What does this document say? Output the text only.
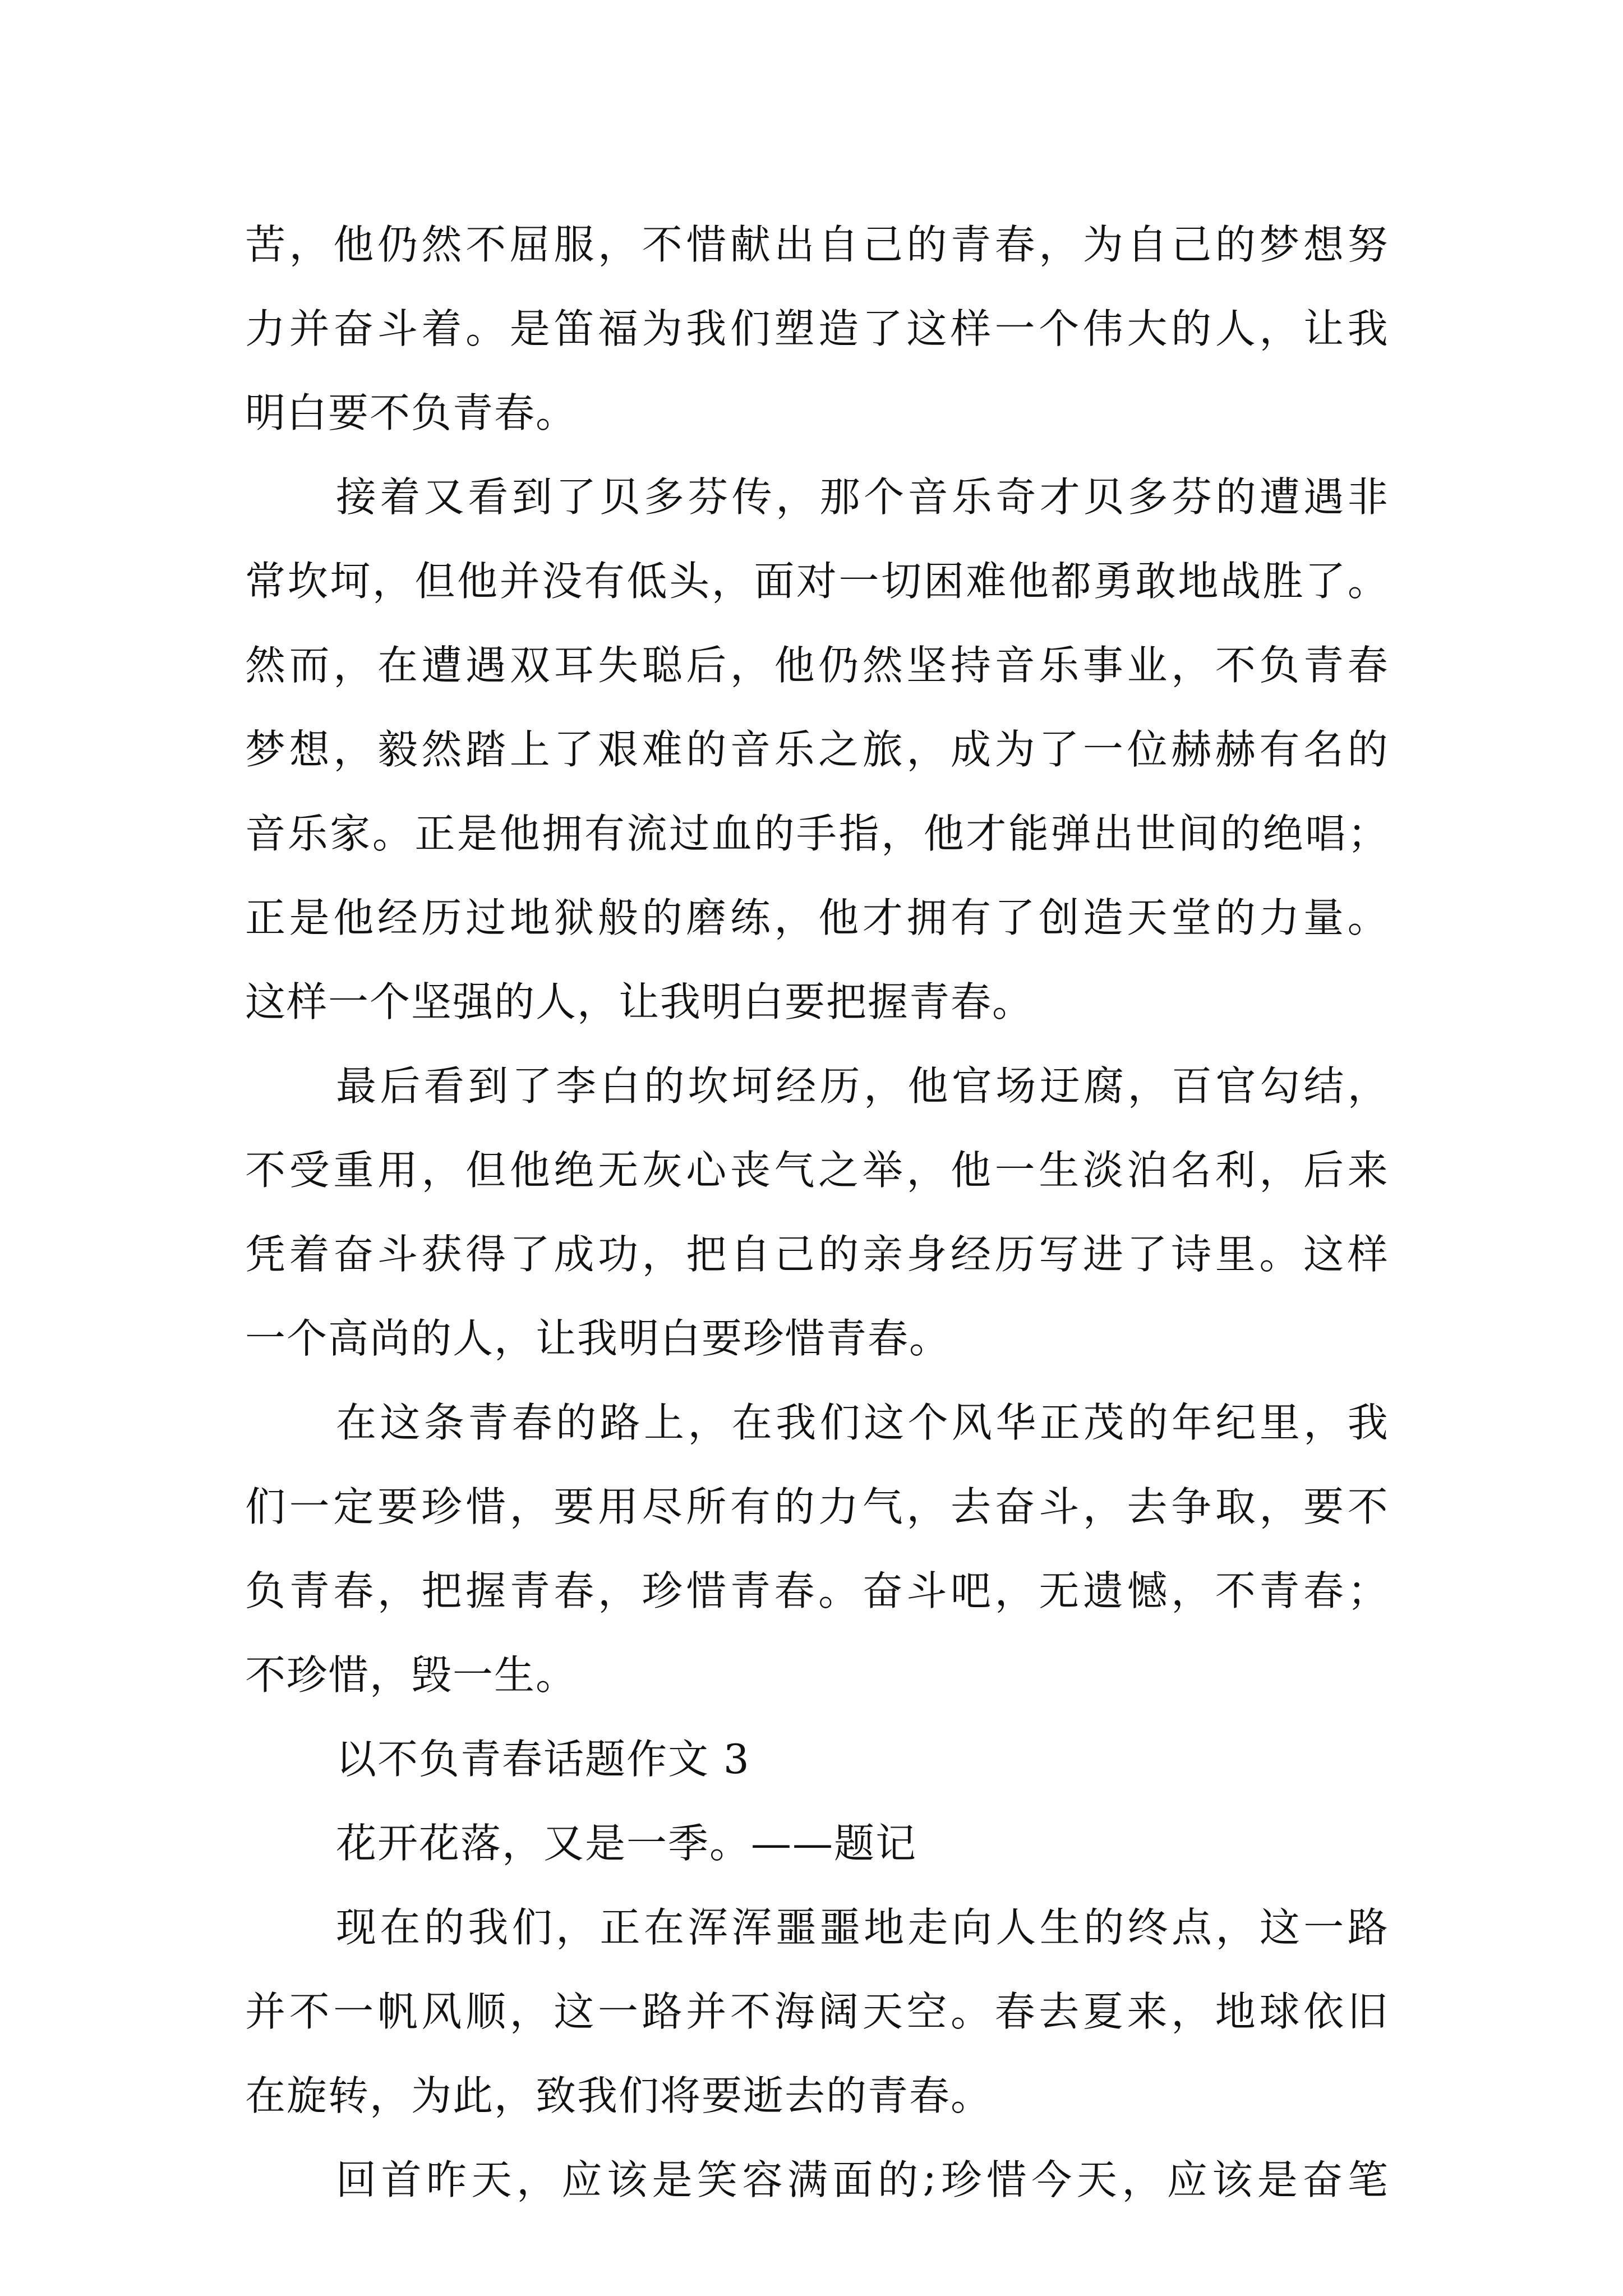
苦 ， 他 仍 然 不 屈 服 ， 不 惜 献 出 自 己 的 青 春 ， 为 自 己 的 梦 想 努
力 并 奋 斗 着 。 是 笛 福 为 我 们 塑 造 了 这 样 一 个 伟 大 的 人 ， 让 我
明白要不负青春。
接 着 又 看 到 了 贝 多 芬 传 ， 那 个 音 乐 奇 才 贝 多 芬 的 遭 遇 非
常 坎 坷 ， 但 他 并 没 有 低 头 ， 面 对 一 切 困 难 他 都 勇 敢 地 战 胜 了 。
然 而 ， 在 遭 遇 双 耳 失 聪 后 ， 他 仍 然 坚 持 音 乐 事 业 ， 不 负 青 春
梦 想 ， 毅 然 踏 上 了 艰 难 的 音 乐 之 旅 ， 成 为 了 一 位 赫 赫 有 名 的
音 乐 家 。 正 是 他 拥 有 流 过 血 的 手 指 ， 他 才 能 弹 出 世 间 的 绝 唱 ；
正 是 他 经 历 过 地 狱 般 的 磨 练 ， 他 才 拥 有 了 创 造 天 堂 的 力 量 。
这样一个坚强的人，让我明白要把握青春。
最 后 看 到 了 李 白 的 坎 坷 经 历 ， 他 官 场 迂 腐 ， 百 官 勾 结 ，
不 受 重 用 ， 但 他 绝 无 灰 心 丧 气 之 举 ， 他 一 生 淡 泊 名 利 ， 后 来
凭 着 奋 斗 获 得 了 成 功 ， 把 自 己 的 亲 身 经 历 写 进 了 诗 里 。 这 样
一个高尚的人，让我明白要珍惜青春。
在 这 条 青 春 的 路 上 ， 在 我 们 这 个 风 华 正 茂 的 年 纪 里 ， 我
们 一 定 要 珍 惜 ， 要 用 尽 所 有 的 力 气 ， 去 奋 斗 ， 去 争 取 ， 要 不
负 青 春 ， 把 握 青 春 ， 珍 惜 青 春 。 奋 斗 吧 ， 无 遗 憾 ， 不 青 春 ；
不珍惜，毁一生。
以不负青春话题作文 3
花开花落，又是一季。——题记
现 在 的 我 们 ， 正 在 浑 浑 噩 噩 地 走 向 人 生 的 终 点 ， 这 一 路
并 不 一 帆 风 顺 ， 这 一 路 并 不 海 阔 天 空 。 春 去 夏 来 ， 地 球 依 旧
在旋转，为此，致我们将要逝去的青春。
回 首 昨 天 ， 应 该 是 笑 容 满 面 的 ; 珍 惜 今 天 ， 应 该 是 奋 笔
